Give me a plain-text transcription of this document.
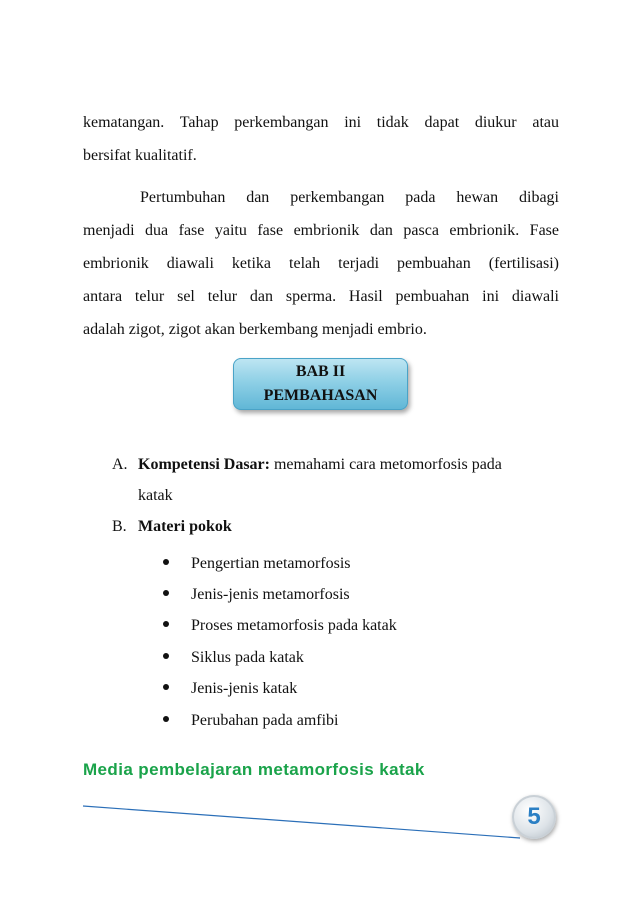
kematangan. Tahap perkembangan ini tidak dapat diukur atau
bersifat kualitatif.
Pertumbuhan dan perkembangan pada hewan dibagi
menjadi dua fase yaitu fase embrionik dan pasca embrionik. Fase
embrionik diawali ketika telah terjadi pembuahan (fertilisasi)
antara telur sel telur dan sperma. Hasil pembuahan ini diawali
adalah zigot, zigot akan berkembang menjadi embrio.
BAB II
PEMBAHASAN
A. Kompetensi Dasar: memahami cara metomorfosis pada
katak
B. Materi pokok
Pengertian metamorfosis
Jenis-jenis metamorfosis
Proses metamorfosis pada katak
Siklus pada katak
Jenis-jenis katak
Perubahan pada amfibi
Media pembelajaran metamorfosis katak
5
